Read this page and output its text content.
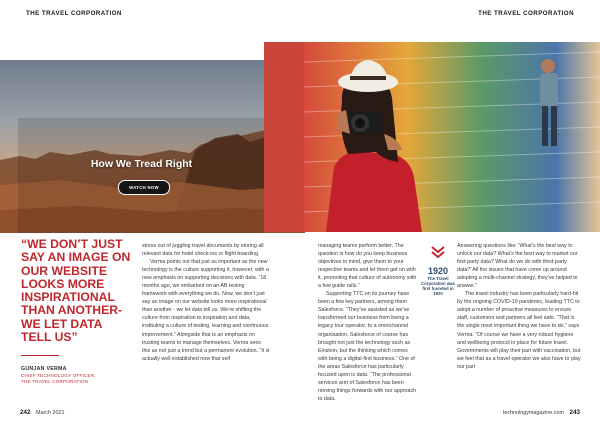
THE TRAVEL CORPORATION	THE TRAVEL CORPORATION
How We Tread Right
WATCH NOW
“WE DON’T JUST SAY AN IMAGE ON OUR WEBSITE LOOKS MORE INSPIRATIONAL THAN ANOTHER- WE LET DATA TELL US”
GUNJAN VERMA
CHIEF TECHNOLOGY OFFICER,
THE TRAVEL CORPORATION

stress out of juggling travel documents by storing all relevant data for hotel check-ins or flight boarding.

Verma points out that just as important as the new technology is the culture supporting it, however, with a new emphasis on supporting decisions with data. “18 months ago, we embarked on an AB testing framework with everything we do. Now, we don’t just say an image on our website looks more inspirational than another - we let data tell us. We’re shifting the culture from inspiration to inspiration and data, instituting a culture of testing, learning and continuous improvement.” Alongside that is an emphasis on trusting teams to manage themselves. Verma sees this as not just a trend but a permanent evolution. “It is actually well established now that self

managing teams perform better. The question is how do you keep business objectives in mind, give them to your respective teams and let them get on with it, promoting that culture of autonomy with a few guide rails.”

Supporting TTC on its journey have been a few key partners, among them Salesforce. “They’ve assisted as we’ve transformed our business from being a legacy tour operator, to a omnichannel organisation. Salesforce of course has brought not just the technology such as Einstein, but the thinking which comes with being a digital-first business.” One of the areas Salesforce has particularly focused upon is data. “The professional services arm of Salesforce has been moving things forwards with our approach to data.

1920
The Travel Corporation was first founded in 1920

Answering questions like: ‘What’s the best way to unlock our data? What’s the best way to market our first-party data? What do we do with third-party data?’ All the issues that have come up around adopting a multi-channel strategy, they’ve helped to answer.”

The travel industry has been particularly hard-hit by the ongoing COVID-19 pandemic, leading TTC to adopt a number of proactive measures to ensure staff, customers and partners all feel safe. “That is the single most important thing we have to do,” says Verma. “Of course we have a very robust hygiene and wellbeing protocol in place for future travel. Governments will play their part with vaccination, but we feel that as a travel operator we also have to play our part

242 March 2021	technologymagazine.com 243
